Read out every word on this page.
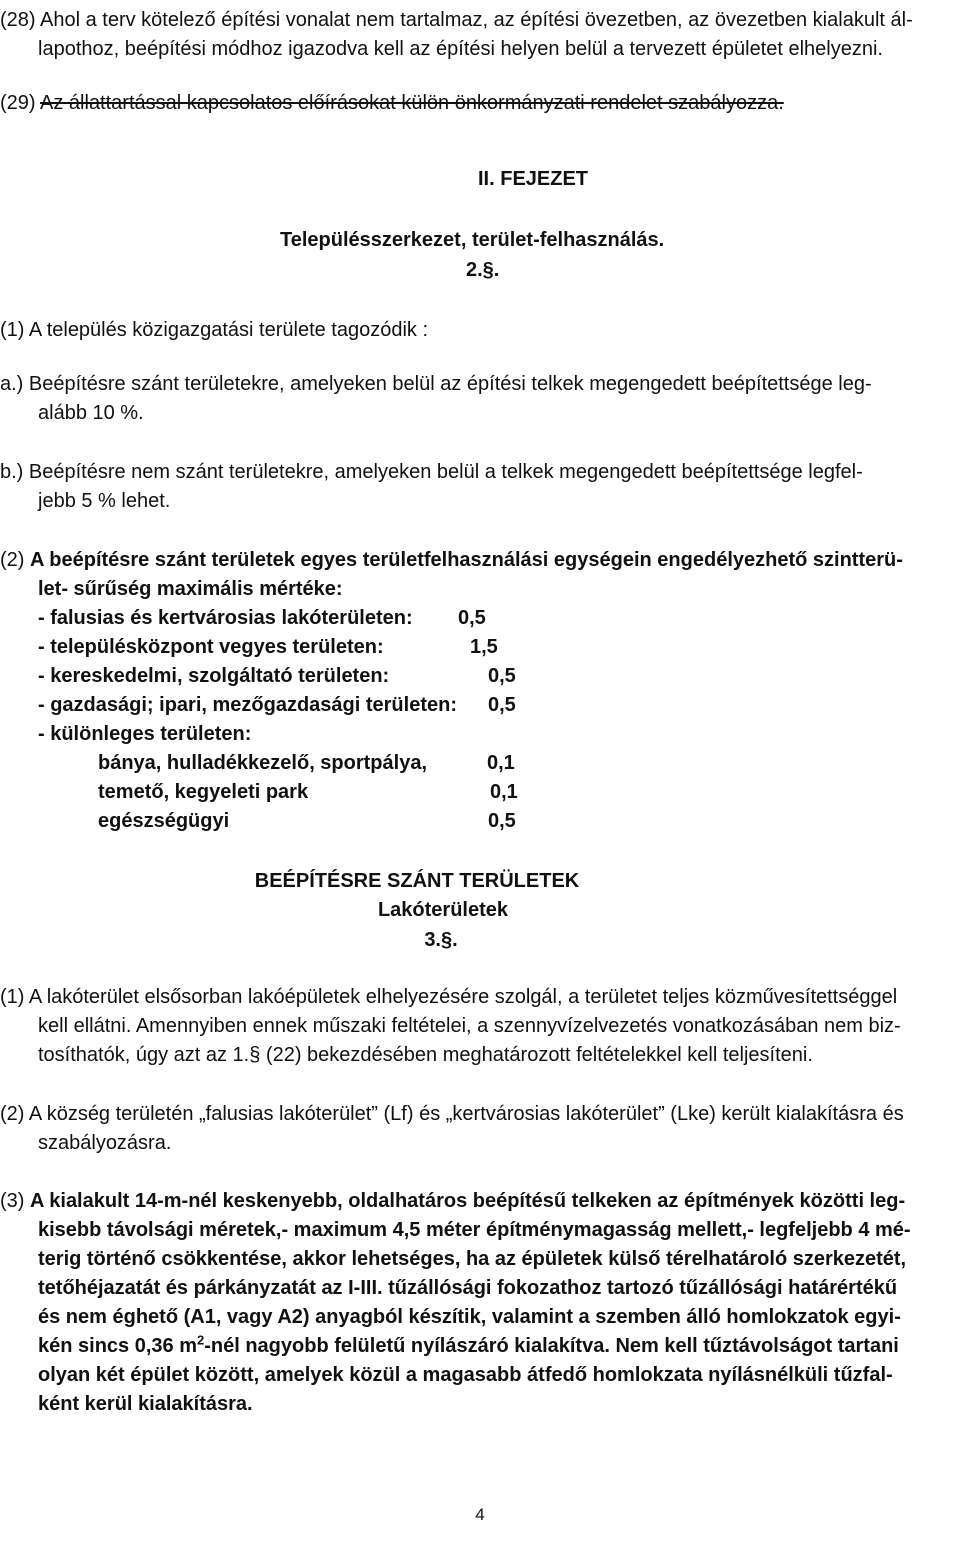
(28) Ahol a terv kötelező építési vonalat nem tartalmaz, az építési övezetben, az övezetben kialakult ál-
lapothoz, beépítési módhoz igazodva kell az építési helyen belül a tervezett épületet elhelyezni.
(29) Az állattartással kapcsolatos előírásokat külön önkormányzati rendelet szabályozza.
II. FEJEZET
Településszerkezet, terület-felhasználás.
2.§.
(1) A település közigazgatási területe tagozódik :
a.) Beépítésre szánt területekre, amelyeken belül az építési telkek megengedett beépítettsége leg-
alább 10 %.
b.) Beépítésre nem szánt területekre, amelyeken belül a telkek megengedett beépítettsége legfel-
jebb 5 % lehet.
(2) A beépítésre szánt területek egyes területfelhasználási egységein engedélyezhető szintterü-
let- sűrűség maximális mértéke:
- falusias és kertvárosias lakóterületen: 0,5
- településközpont vegyes területen:	1,5
- kereskedelmi, szolgáltató területen:	0,5
- gazdasági; ipari, mezőgazdasági területen: 0,5
- különleges területen:
bánya, hulladékkezelő, sportpálya,	0,1
temető, kegyeleti park	0,1
egészségügyi	0,5
BEÉPÍTÉSRE SZÁNT TERÜLETEK
Lakóterületek
3.§.
(1) A lakóterület elsősorban lakóépületek elhelyezésére szolgál, a területet teljes közművesítettséggel
kell ellátni. Amennyiben ennek műszaki feltételei, a szennyvízelvezetés vonatkozásában nem biz-
tosíthatók, úgy azt az 1.§ (22) bekezdésében meghatározott feltételekkel kell teljesíteni.
(2) A község területén „falusias lakóterület” (Lf) és „kertvárosias lakóterület” (Lke) került kialakításra és
szabályozásra.
(3) A kialakult 14-m-nél keskenyebb, oldalhatáros beépítésű telkeken az építmények közötti leg-
kisebb távolsági méretek,- maximum 4,5 méter építménymagasság mellett,- legfeljebb 4 mé-
terig történő csökkentése, akkor lehetséges, ha az épületek külső térelhatároló szerkezetét,
tetőhéjazatát és párkányzatát az I-III. tűzállósági fokozathoz tartozó tűzállósági határértékű
és nem éghető (A1, vagy A2) anyagból készítik, valamint a szemben álló homlokzatok egyi-
kén sincs 0,36 $m^2$-nél nagyobb felületű nyílászáró kialakítva. Nem kell tűztávolságot tartani
olyan két épület között, amelyek közül a magasabb átfedő homlokzata nyílásnélküli tűzfal-
ként kerül kialakításra.
4
